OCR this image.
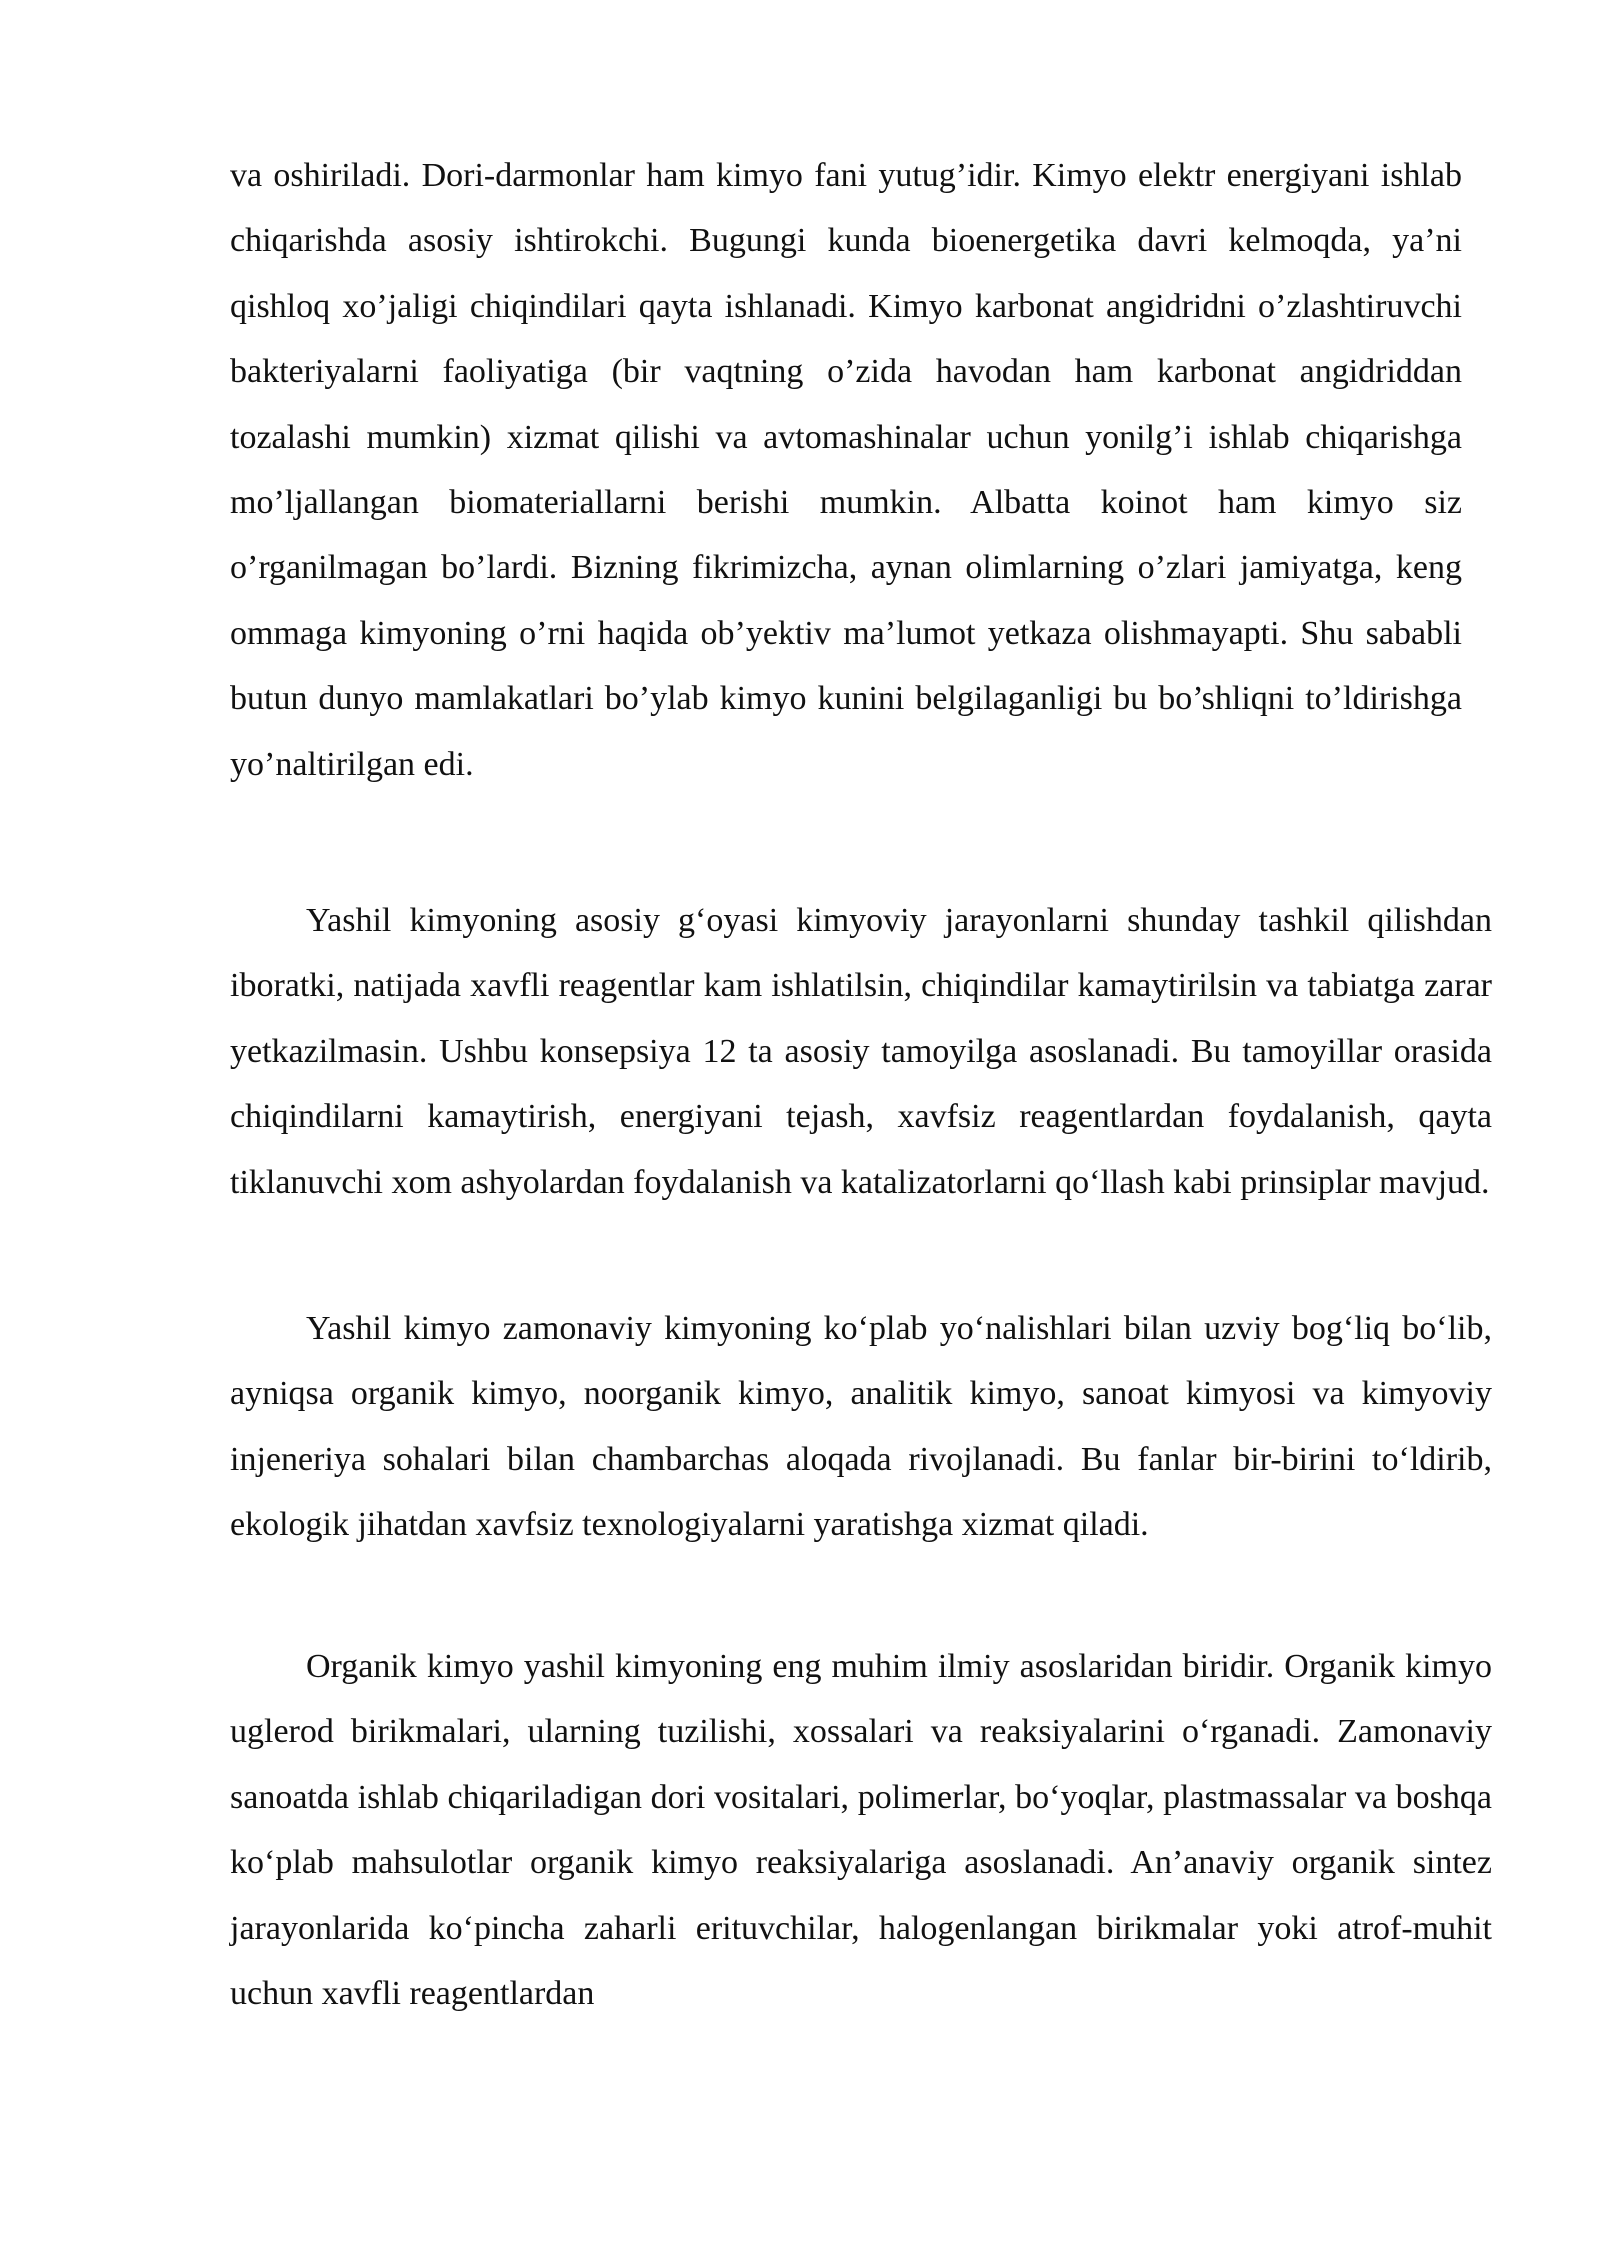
va oshiriladi. Dori-darmonlar ham kimyo fani yutug’idir. Kimyo elektr energiyani ishlab chiqarishda asosiy ishtirokchi. Bugungi kunda bioenergetika davri kelmoqda, ya’ni qishloq xo’jaligi chiqindilari qayta ishlanadi. Kimyo karbonat angidridni o’zlashtiruvchi bakteriyalarni faoliyatiga (bir vaqtning o’zida havodan ham karbonat angidriddan tozalashi mumkin) xizmat qilishi va avtomashinalar uchun yonilg’i ishlab chiqarishga mo’ljallangan biomateriallarni berishi mumkin. Albatta koinot ham kimyo siz o’rganilmagan bo’lardi. Bizning fikrimizcha, aynan olimlarning o’zlari jamiyatga, keng ommaga kimyoning o’rni haqida ob’yektiv ma’lumot yetkaza olishmayapti. Shu sababli butun dunyo mamlakatlari bo’ylab kimyo kunini belgilaganligi bu bo’shliqni to’ldirishga yo’naltirilgan edi.

Yashil kimyoning asosiy g‘oyasi kimyoviy jarayonlarni shunday tashkil qilishdan iboratki, natijada xavfli reagentlar kam ishlatilsin, chiqindilar kamaytirilsin va tabiatga zarar yetkazilmasin. Ushbu konsepsiya 12 ta asosiy tamoyilga asoslanadi. Bu tamoyillar orasida chiqindilarni kamaytirish, energiyani tejash, xavfsiz reagentlardan foydalanish, qayta tiklanuvchi xom ashyolardan foydalanish va katalizatorlarni qo‘llash kabi prinsiplar mavjud.

Yashil kimyo zamonaviy kimyoning ko‘plab yo‘nalishlari bilan uzviy bog‘liq bo‘lib, ayniqsa organik kimyo, noorganik kimyo, analitik kimyo, sanoat kimyosi va kimyoviy injeneriya sohalari bilan chambarchas aloqada rivojlanadi. Bu fanlar bir-birini to‘ldirib, ekologik jihatdan xavfsiz texnologiyalarni yaratishga xizmat qiladi.

Organik kimyo yashil kimyoning eng muhim ilmiy asoslaridan biridir. Organik kimyo uglerod birikmalari, ularning tuzilishi, xossalari va reaksiyalarini o‘rganadi. Zamonaviy sanoatda ishlab chiqariladigan dori vositalari, polimerlar, bo‘yoqlar, plastmassalar va boshqa ko‘plab mahsulotlar organik kimyo reaksiyalariga asoslanadi. An’anaviy organik sintez jarayonlarida ko‘pincha zaharli erituvchilar, halogenlangan birikmalar yoki atrof-muhit uchun xavfli reagentlardan
